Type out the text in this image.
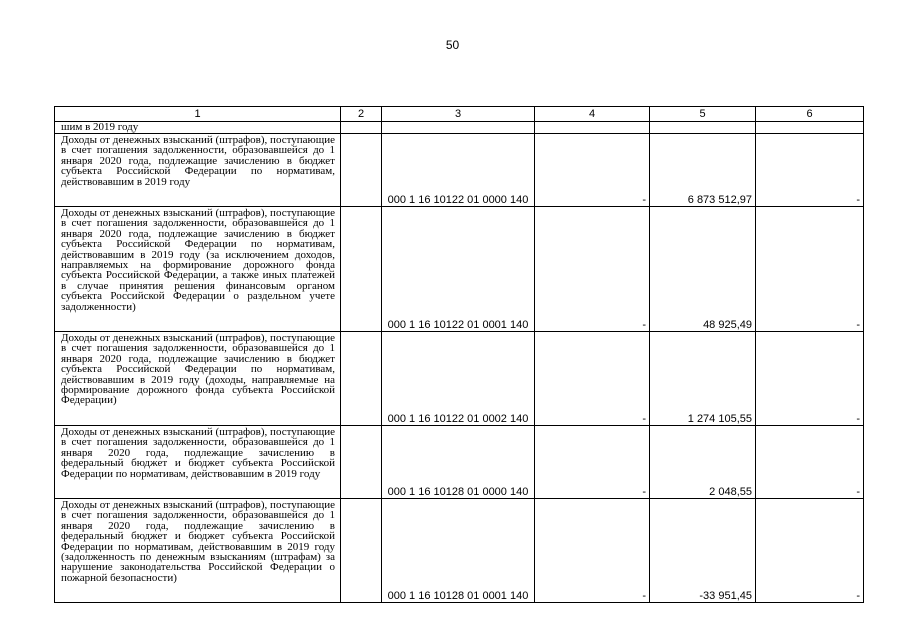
50
1	2	3	4	5	6
шим в 2019 году					
Доходы от денежных взысканий (штрафов), поступающие в счет погашения задолженности, образовавшейся до 1 января 2020 года, подлежащие зачислению в бюджет субъекта Российской Федерации по нормативам, действовавшим в 2019 году		000 1 16 10122 01 0000 140	-	6 873 512,97	-
Доходы от денежных взысканий (штрафов), поступающие в счет погашения задолженности, образовавшейся до 1 января 2020 года, подлежащие зачислению в бюджет субъекта Российской Федерации по нормативам, действовавшим в 2019 году (за исключением доходов, направляемых на формирование дорожного фонда субъекта Российской Федерации, а также иных платежей в случае принятия решения финансовым органом субъекта Российской Федерации о раздельном учете задолженности)		000 1 16 10122 01 0001 140	-	48 925,49	-
Доходы от денежных взысканий (штрафов), поступающие в счет погашения задолженности, образовавшейся до 1 января 2020 года, подлежащие зачислению в бюджет субъекта Российской Федерации по нормативам, действовавшим в 2019 году (доходы, направляемые на формирование дорожного фонда субъекта Российской Федерации)		000 1 16 10122 01 0002 140	-	1 274 105,55	-
Доходы от денежных взысканий (штрафов), поступающие в счет погашения задолженности, образовавшейся до 1 января 2020 года, подлежащие зачислению в федеральный бюджет и бюджет субъекта Российской Федерации по нормативам, действовавшим в 2019 году		000 1 16 10128 01 0000 140	-	2 048,55	-
Доходы от денежных взысканий (штрафов), поступающие в счет погашения задолженности, образовавшейся до 1 января 2020 года, подлежащие зачислению в федеральный бюджет и бюджет субъекта Российской Федерации по нормативам, действовавшим в 2019 году (задолженность по денежным взысканиям (штрафам) за нарушение законодательства Российской Федерации о пожарной безопасности)		000 1 16 10128 01 0001 140	-	-33 951,45	-
